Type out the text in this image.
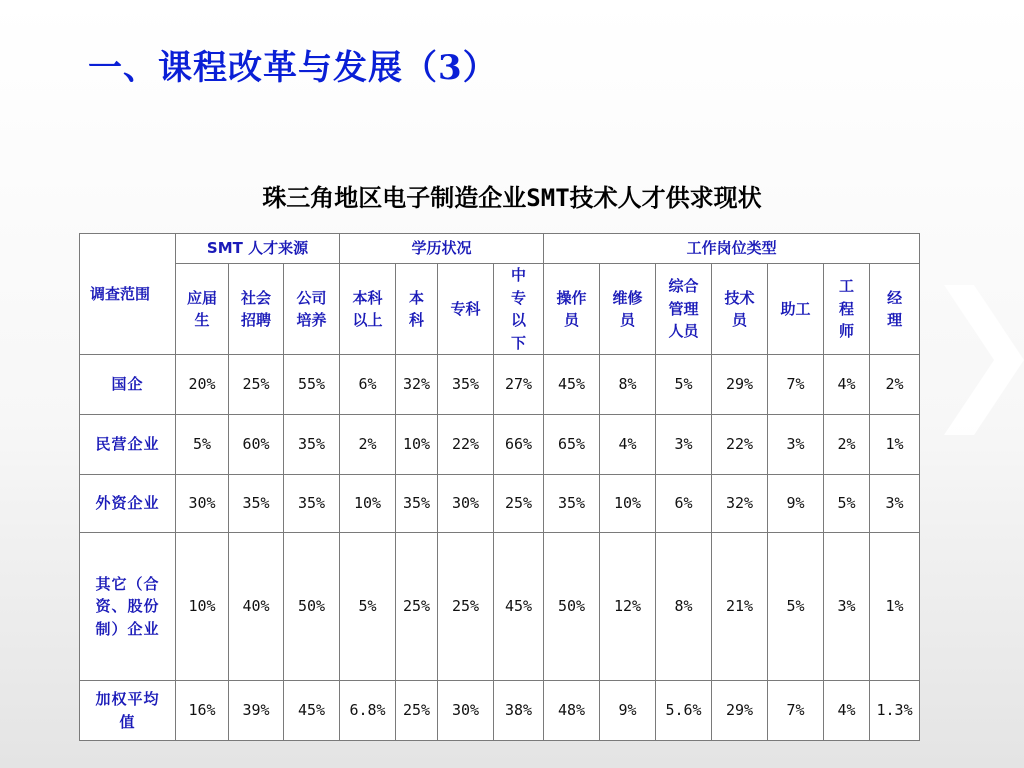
一、课程改革与发展（3）
珠三角地区电子制造企业SMT技术人才供求现状
调查范围	SMT 人才来源			学历状况				工作岗位类型						
	应届生	社会招聘	公司培养	本科以上	本科	专科	中专以下	操作员	维修员	综合管理人员	技术员	助工	工程师	经理
国企	20%	25%	55%	6%	32%	35%	27%	45%	8%	5%	29%	7%	4%	2%
民营企业	5%	60%	35%	2%	10%	22%	66%	65%	4%	3%	22%	3%	2%	1%
外资企业	30%	35%	35%	10%	35%	30%	25%	35%	10%	6%	32%	9%	5%	3%
其它（合资、股份制）企业	10%	40%	50%	5%	25%	25%	45%	50%	12%	8%	21%	5%	3%	1%
加权平均值	16%	39%	45%	6.8%	25%	30%	38%	48%	9%	5.6%	29%	7%	4%	1.3%
